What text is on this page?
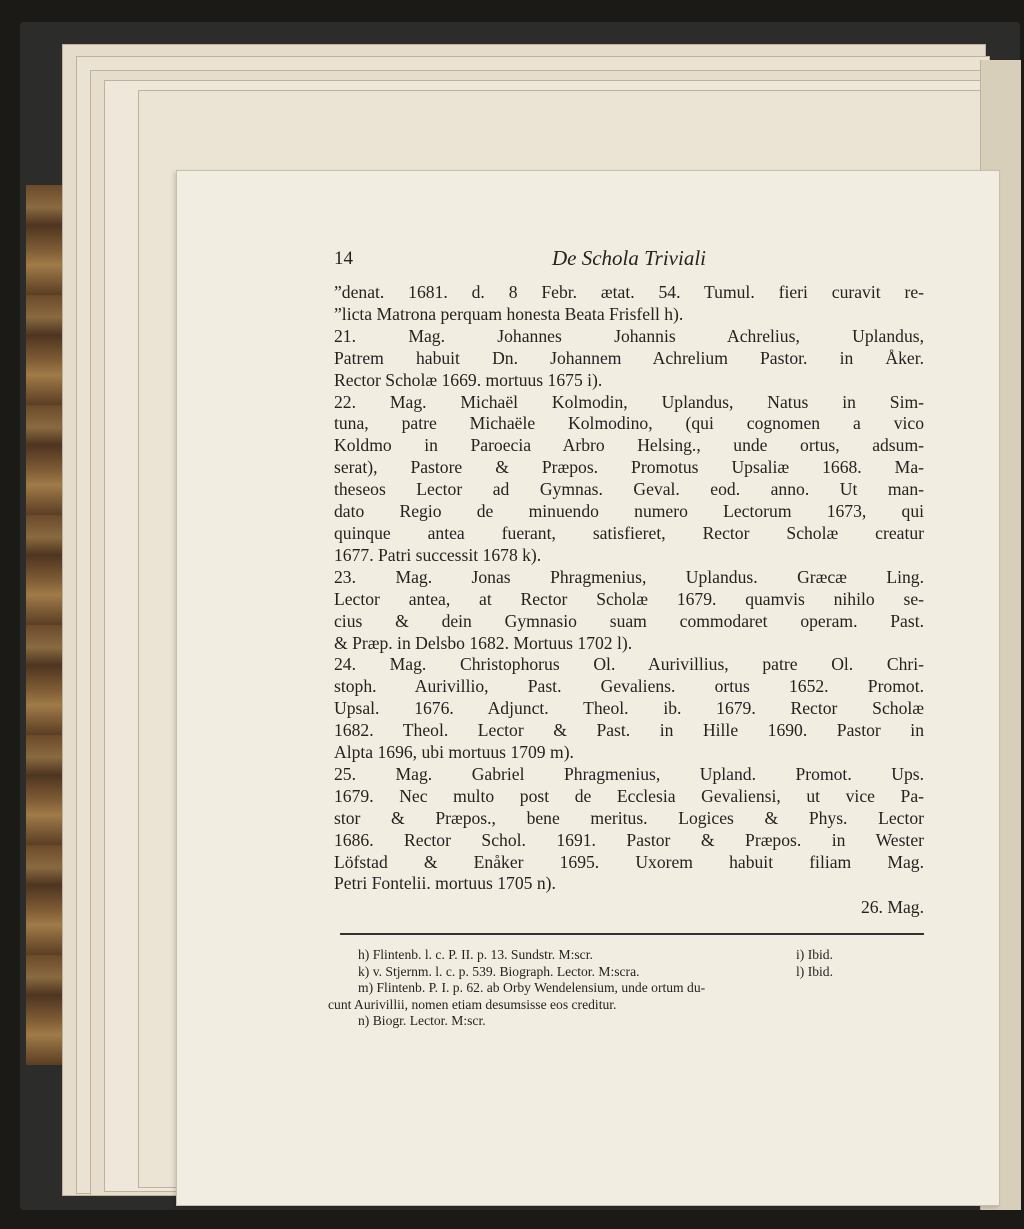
14	De Schola Triviali
”denat. 1681. d. 8 Febr. ætat. 54. Tumul. fieri curavit re-
”licta Matrona perquam honesta Beata Frisfell h).
21. Mag. Johannes Johannis Achrelius, Uplandus,
Patrem habuit Dn. Johannem Achrelium Pastor. in Åker.
Rector Scholæ 1669. mortuus 1675 i).
22. Mag. Michaël Kolmodin, Uplandus, Natus in Sim-
tuna, patre Michaële Kolmodino, (qui cognomen a vico
Koldmo in Paroecia Arbro Helsing., unde ortus, adsum-
serat), Pastore & Præpos. Promotus Upsaliæ 1668. Ma-
theseos Lector ad Gymnas. Geval. eod. anno. Ut man-
dato Regio de minuendo numero Lectorum 1673, qui
quinque antea fuerant, satisfieret, Rector Scholæ creatur
1677. Patri successit 1678 k).
23. Mag. Jonas Phragmenius, Uplandus. Græcæ Ling.
Lector antea, at Rector Scholæ 1679. quamvis nihilo se-
cius & dein Gymnasio suam commodaret operam. Past.
& Præp. in Delsbo 1682. Mortuus 1702 l).
24. Mag. Christophorus Ol. Aurivillius, patre Ol. Chri-
stoph. Aurivillio, Past. Gevaliens. ortus 1652. Promot.
Upsal. 1676. Adjunct. Theol. ib. 1679. Rector Scholæ
1682. Theol. Lector & Past. in Hille 1690. Pastor in
Alpta 1696, ubi mortuus 1709 m).
25. Mag. Gabriel Phragmenius, Upland. Promot. Ups.
1679. Nec multo post de Ecclesia Gevaliensi, ut vice Pa-
stor & Præpos., bene meritus. Logices & Phys. Lector
1686. Rector Schol. 1691. Pastor & Præpos. in Wester
Löfstad & Enåker 1695. Uxorem habuit filiam Mag.
Petri Fontelii. mortuus 1705 n).
26. Mag.
h) Flintenb. l. c. P. II. p. 13. Sundstr. M:scr.	i) Ibid.
k) v. Stjernm. l. c. p. 539. Biograph. Lector. M:scra.	l) Ibid.
m) Flintenb. P. I. p. 62. ab Orby Wendelensium, unde ortum du-
cunt Aurivillii, nomen etiam desumsisse eos creditur.
n) Biogr. Lector. M:scr.
